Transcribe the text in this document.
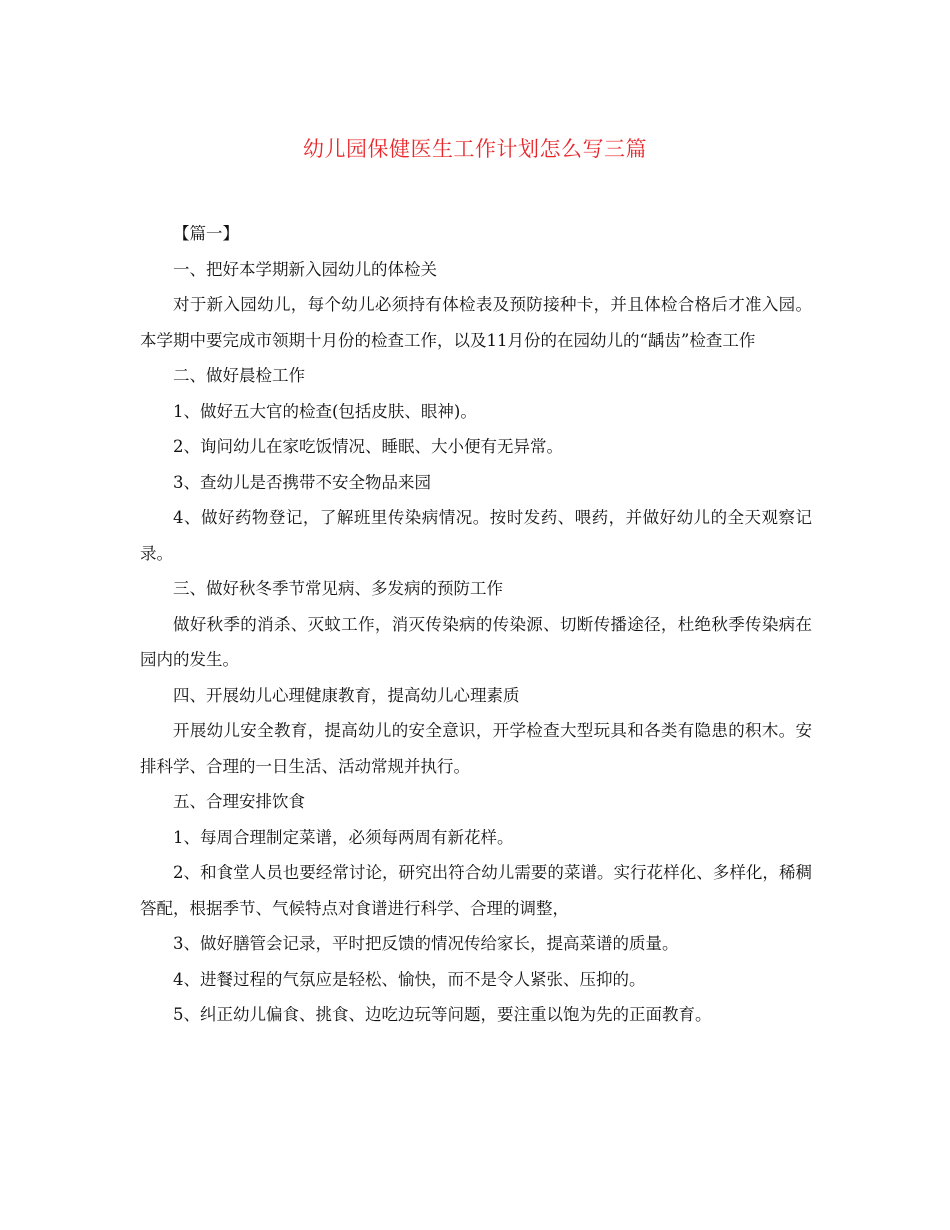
幼儿园保健医生工作计划怎么写三篇

【篇一】

一、把好本学期新入园幼儿的体检关

对于新入园幼儿，每个幼儿必须持有体检表及预防接种卡，并且体检合格后才准入园。本学期中要完成市领期十月份的检查工作，以及11月份的在园幼儿的“龋齿”检查工作

二、做好晨检工作

1、做好五大官的检查(包括皮肤、眼神)。

2、询问幼儿在家吃饭情况、睡眠、大小便有无异常。

3、查幼儿是否携带不安全物品来园

4、做好药物登记，了解班里传染病情况。按时发药、喂药，并做好幼儿的全天观察记录。

三、做好秋冬季节常见病、多发病的预防工作

做好秋季的消杀、灭蚊工作，消灭传染病的传染源、切断传播途径，杜绝秋季传染病在园内的发生。

四、开展幼儿心理健康教育，提高幼儿心理素质

开展幼儿安全教育，提高幼儿的安全意识，开学检查大型玩具和各类有隐患的积木。安排科学、合理的一日生活、活动常规并执行。

五、合理安排饮食

1、每周合理制定菜谱，必须每两周有新花样。

2、和食堂人员也要经常讨论，研究出符合幼儿需要的菜谱。实行花样化、多样化，稀稠答配，根据季节、气候特点对食谱进行科学、合理的调整，

3、做好膳管会记录，平时把反馈的情况传给家长，提高菜谱的质量。

4、进餐过程的气氛应是轻松、愉快，而不是令人紧张、压抑的。

5、纠正幼儿偏食、挑食、边吃边玩等问题，要注重以饱为先的正面教育。
